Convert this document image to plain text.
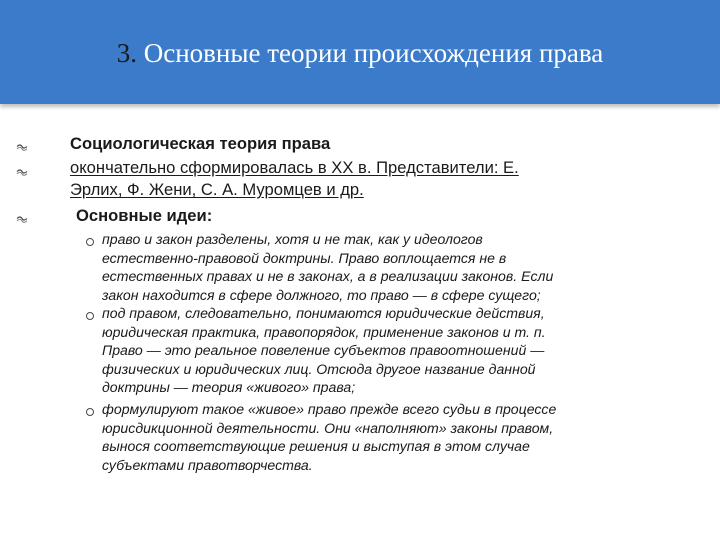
3. Основные теории происхождения права
Социологическая теория права
окончательно сформировалась в XX в. Представители: Е.
Эрлих, Ф. Жени, С. А. Муромцев и др.
Основные идеи:
право и закон разделены, хотя и не так, как у идеологов
естественно-правовой доктрины. Право воплощается не в
естественных правах и не в законах, а в реализации законов. Если
закон находится в сфере должного, то право — в сфере сущего;
под правом, следовательно, понимаются юридические действия,
юридическая практика, правопорядок, применение законов и т. п.
Право — это реальное повеление субъектов правоотношений —
физических и юридических лиц. Отсюда другое название данной
доктрины — теория «живого» права;
формулируют такое «живое» право прежде всего судьи в процессе
юрисдикционной деятельности. Они «наполняют» законы правом,
вынося соответствующие решения и выступая в этом случае
субъектами правотворчества.
